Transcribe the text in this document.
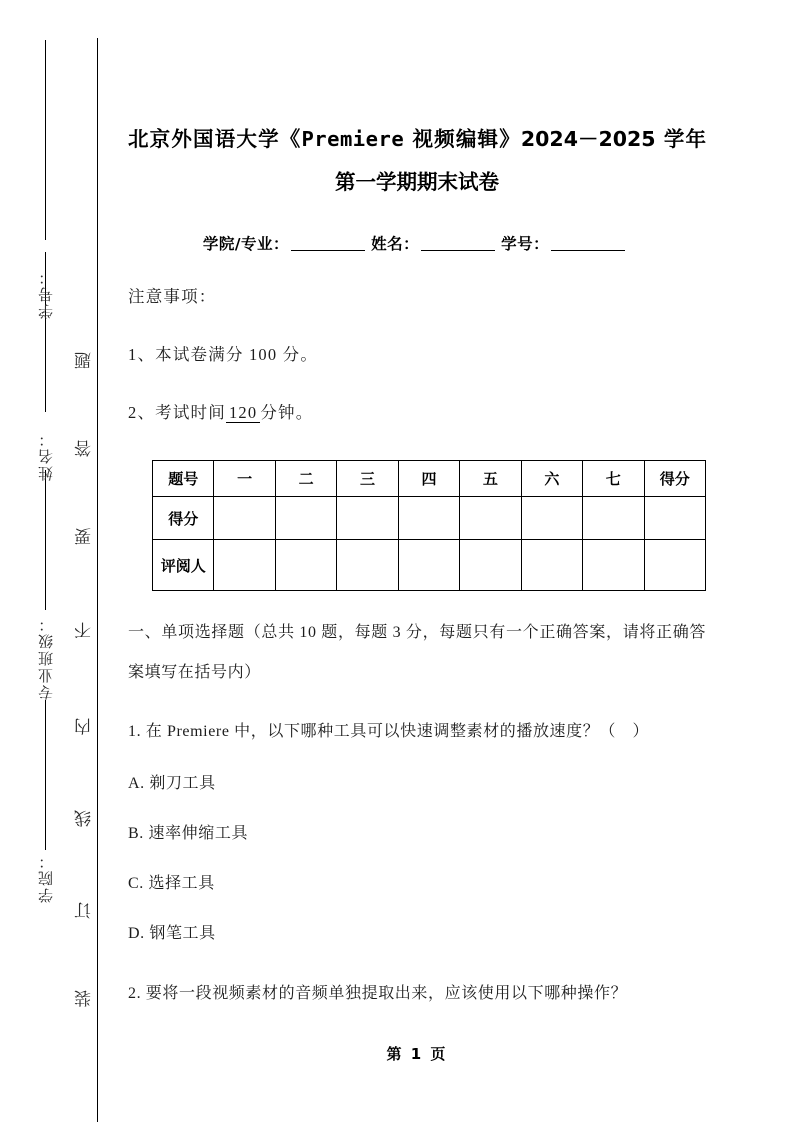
学号：
姓名：
专业班级：
学院：
题
答
要
不
内
线
订
装
北京外国语大学《Premiere 视频编辑》2024－2025 学年第一学期期末试卷

学院/专业：	姓名：	学号：

注意事项：

1、本试卷满分 100 分。

2、考试时间 120 分钟。

题号	一	二	三	四	五	六	七	得分
得分								
评阅人								

一、单项选择题（总共 10 题，每题 3 分，每题只有一个正确答案，请将正确答案填写在括号内）

1. 在 Premiere 中，以下哪种工具可以快速调整素材的播放速度？（　）

A. 剃刀工具

B. 速率伸缩工具

C. 选择工具

D. 钢笔工具

2. 要将一段视频素材的音频单独提取出来，应该使用以下哪种操作？

第 1 页
